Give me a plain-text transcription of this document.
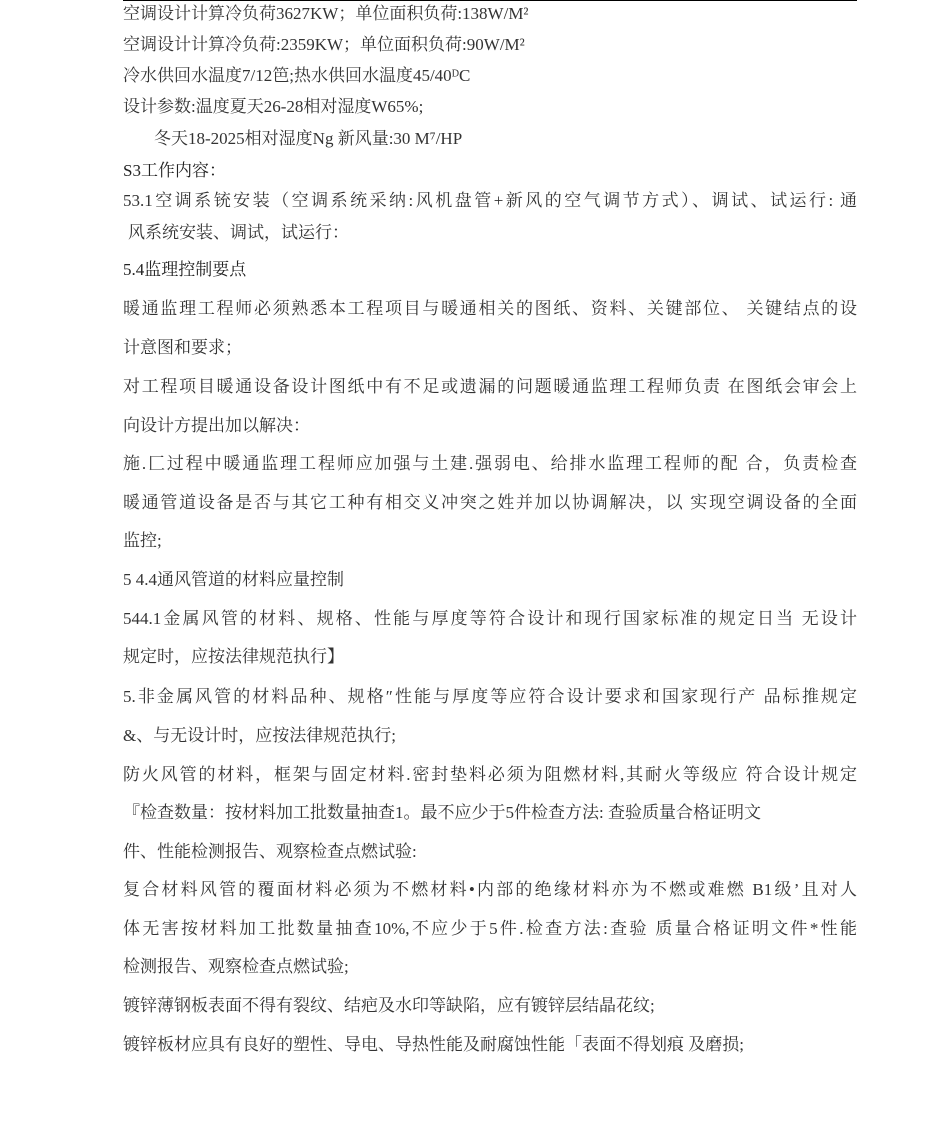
空调设计计算冷负荷3627KW；单位面积负荷:138W/M²
空调设计计算冷负荷:2359KW；单位面积负荷:90W/M²
冷水供回水温度7/12笆;热水供回水温度45/40ᴰC
设计参数:温度夏天26-28相对湿度W65%;
冬天18-2025相对湿度Ng 新风量:30 M⁷/HP
S3工作内容：
53.1空调系铳安装（空调系统采纳:风机盘管+新风的空气调节方式）、调试、试运行: 通
风系统安装、调试，试运行：
5.4监理控制要点
暖通监理工程师必须熟悉本工程项目与暖通相关的图纸、资料、关键部位、 关键结点的设
计意图和要求；
对工程项目暖通设备设计图纸中有不足或遗漏的问题暖通监理工程师负责 在图纸会审会上
向设计方提出加以解决：
施.匚过程中暖通监理工程师应加强与土建.强弱电、给排水监理工程师的配 合，负责检查
暖通管道设备是否与其它工种有相交义冲突之姓并加以协调解决，以 实现空调设备的全面
监控;
5 4.4通风管道的材料应量控制
544.1金属风管的材料、规格、性能与厚度等符合设计和现行国家标准的规定日当 无设计
规定时，应按法律规范执行】
5.非金属风管的材料品种、规格″性能与厚度等应符合设计要求和国家现行产 品标推规定
&、与无设计时，应按法律规范执行;
防火风管的材料，框架与固定材料.密封垫料必须为阻燃材料,其耐火等级应 符合设计规定
『检查数量：按材料加工批数量抽查1。最不应少于5件检查方法: 查验质量合格证明文
件、性能检测报告、观察检查点燃试验:
复合材料风管的覆面材料必须为不燃材料•内部的绝缘材料亦为不燃或难燃 B1级’且对人
体无害按材料加工批数量抽查10%,不应少于5件.检查方法:查验 质量合格证明文件*性能
检测报告、观察检查点燃试验;
镀锌薄钢板表面不得有裂纹、结疤及水印等缺陷，应有镀锌层结晶花纹;
镀锌板材应具有良好的塑性、导电、导热性能及耐腐蚀性能「表面不得划痕 及磨损;
